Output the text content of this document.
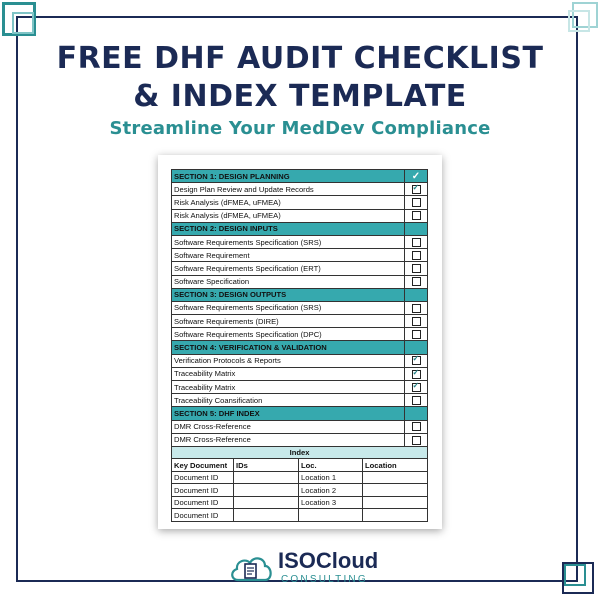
FREE DHF AUDIT CHECKLIST
& INDEX TEMPLATE
Streamline Your MedDev Compliance
SECTION 1: DESIGN PLANNING	✓
Design Plan Review and Update Records	✓
Risk Analysis (dFMEA, uFMEA)	
Risk Analysis (dFMEA, uFMEA)	
SECTION 2: DESIGN INPUTS	
Software Requirements Specification (SRS)	
Software Requirement	
Software Requirements Specification (ERT)	
Software Specification	
SECTION 3: DESIGN OUTPUTS	
Software Requirements Specification (SRS)	
Software Requirements (DIRE)	
Software Requirements Specification (DPC)	
SECTION 4: VERIFICATION & VALIDATION	
Verification Protocols & Reports	✓
Traceability Matrix	✓
Traceability Matrix	✓
Traceability Coansification	
SECTION 5: DHF INDEX	
DMR Cross-Reference	
DMR Cross-Reference	
Index			
Key Document	IDs	Loc.	Location
Document ID		Location 1	
Document ID		Location 2	
Document ID		Location 3	
Document ID			
ISOCloud
CONSULTING
